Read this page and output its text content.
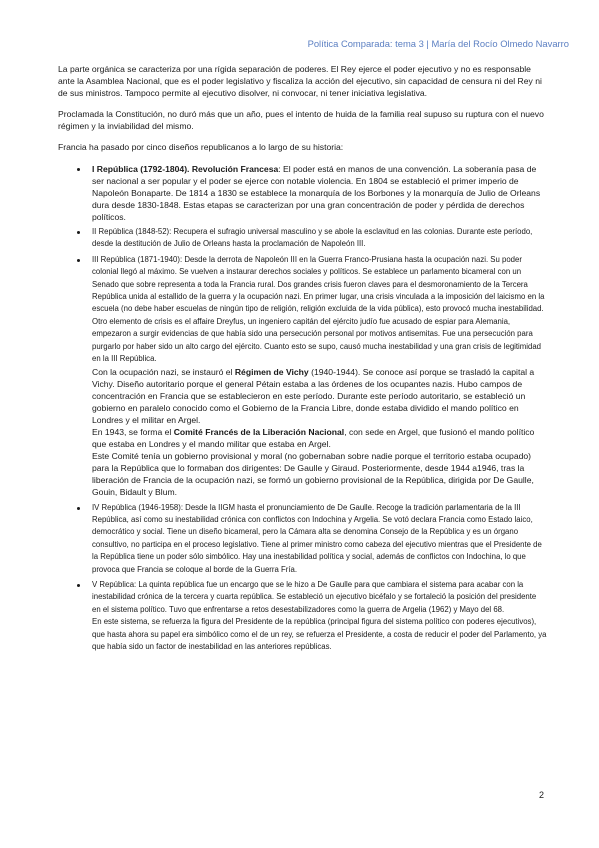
Política Comparada: tema 3 | María del Rocío Olmedo Navarro

La parte orgánica se caracteriza por una rígida separación de poderes. El Rey ejerce el poder ejecutivo y no es responsable ante la Asamblea Nacional, que es el poder legislativo y fiscaliza la acción del ejecutivo, sin capacidad de censura ni del Rey ni de sus ministros. Tampoco permite al ejecutivo disolver, ni convocar, ni tener iniciativa legislativa.

Proclamada la Constitución, no duró más que un año, pues el intento de huida de la familia real supuso su ruptura con el nuevo régimen y la inviabilidad del mismo.

Francia ha pasado por cinco diseños republicanos a lo largo de su historia:

I República (1792-1804). Revolución Francesa: El poder está en manos de una convención. La soberanía pasa de ser nacional a ser popular y el poder se ejerce con notable violencia. En 1804 se estableció el primer imperio de Napoleón Bonaparte. De 1814 a 1830 se establece la monarquía de los Borbones y la monarquía de Julio de Orleans dura desde 1830-1848. Estas etapas se caracterizan por una gran concentración de poder y pérdida de derechos políticos.
II República (1848-52): Recupera el sufragio universal masculino y se abole la esclavitud en las colonias. Durante este período, desde la destitución de Julio de Orleans hasta la proclamación de Napoleón III.
III República (1871-1940): Desde la derrota de Napoleón III en la Guerra Franco-Prusiana hasta la ocupación nazi. Su poder colonial llegó al máximo. Se vuelven a instaurar derechos sociales y políticos. Se establece un parlamento bicameral con un Senado que sobre representa a toda la Francia rural. Dos grandes crisis fueron claves para el desmoronamiento de la Tercera República unida al estallido de la guerra y la ocupación nazi. En primer lugar, una crisis vinculada a la imposición del laicismo en la escuela (no debe haber escuelas de ningún tipo de religión, religión excluida de la vida pública), esto provocó mucha inestabilidad. Otro elemento de crisis es el affaire Dreyfus, un ingeniero capitán del ejército judío fue acusado de espiar para Alemania, empezaron a surgir evidencias de que había sido una persecución personal por motivos antisemitas. Fue una persecución para purgarlo por haber sido un alto cargo del ejército. Cuanto esto se supo, causó mucha inestabilidad y una gran crisis de legitimidad en la III República.
Con la ocupación nazi, se instauró el Régimen de Vichy (1940-1944). Se conoce así porque se trasladó la capital a Vichy. Diseño autoritario porque el general Pétain estaba a las órdenes de los ocupantes nazis. Hubo campos de concentración en Francia que se establecieron en este período. Durante este período autoritario, se estableció un gobierno en paralelo conocido como el Gobierno de la Francia Libre, donde estaba dividido el mando político en Londres y el militar en Argel.
En 1943, se forma el Comité Francés de la Liberación Nacional, con sede en Argel, que fusionó el mando político que estaba en Londres y el mando militar que estaba en Argel.
Este Comité tenía un gobierno provisional y moral (no gobernaban sobre nadie porque el territorio estaba ocupado) para la República que lo formaban dos dirigentes: De Gaulle y Giraud. Posteriormente, desde 1944 a1946, tras la liberación de Francia de la ocupación nazi, se formó un gobierno provisional de la República, dirigida por De Gaulle, Gouin, Bidault y Blum.
IV República (1946-1958): Desde la IIGM hasta el pronunciamiento de De Gaulle. Recoge la tradición parlamentaria de la III República, así como su inestabilidad crónica con conflictos con Indochina y Argelia. Se votó declara Francia como Estado laico, democrático y social. Tiene un diseño bicameral, pero la Cámara alta se denomina Consejo de la República y es un órgano consultivo, no participa en el proceso legislativo. Tiene al primer ministro como cabeza del ejecutivo mientras que el Presidente de la República tiene un poder sólo simbólico. Hay una inestabilidad política y social, además de conflictos con Indochina, lo que provoca que Francia se coloque al borde de la Guerra Fría.
V República: La quinta república fue un encargo que se le hizo a De Gaulle para que cambiara el sistema para acabar con la inestabilidad crónica de la tercera y cuarta república. Se estableció un ejecutivo bicéfalo y se fortaleció la posición del presidente en el sistema político. Tuvo que enfrentarse a retos desestabilizadores como la guerra de Argelia (1962) y Mayo del 68.
En este sistema, se refuerza la figura del Presidente de la república (principal figura del sistema político con poderes ejecutivos), que hasta ahora su papel era simbólico como el de un rey, se refuerza el Presidente, a costa de reducir el poder del Parlamento, ya que había sido un factor de inestabilidad en las anteriores repúblicas.
2
